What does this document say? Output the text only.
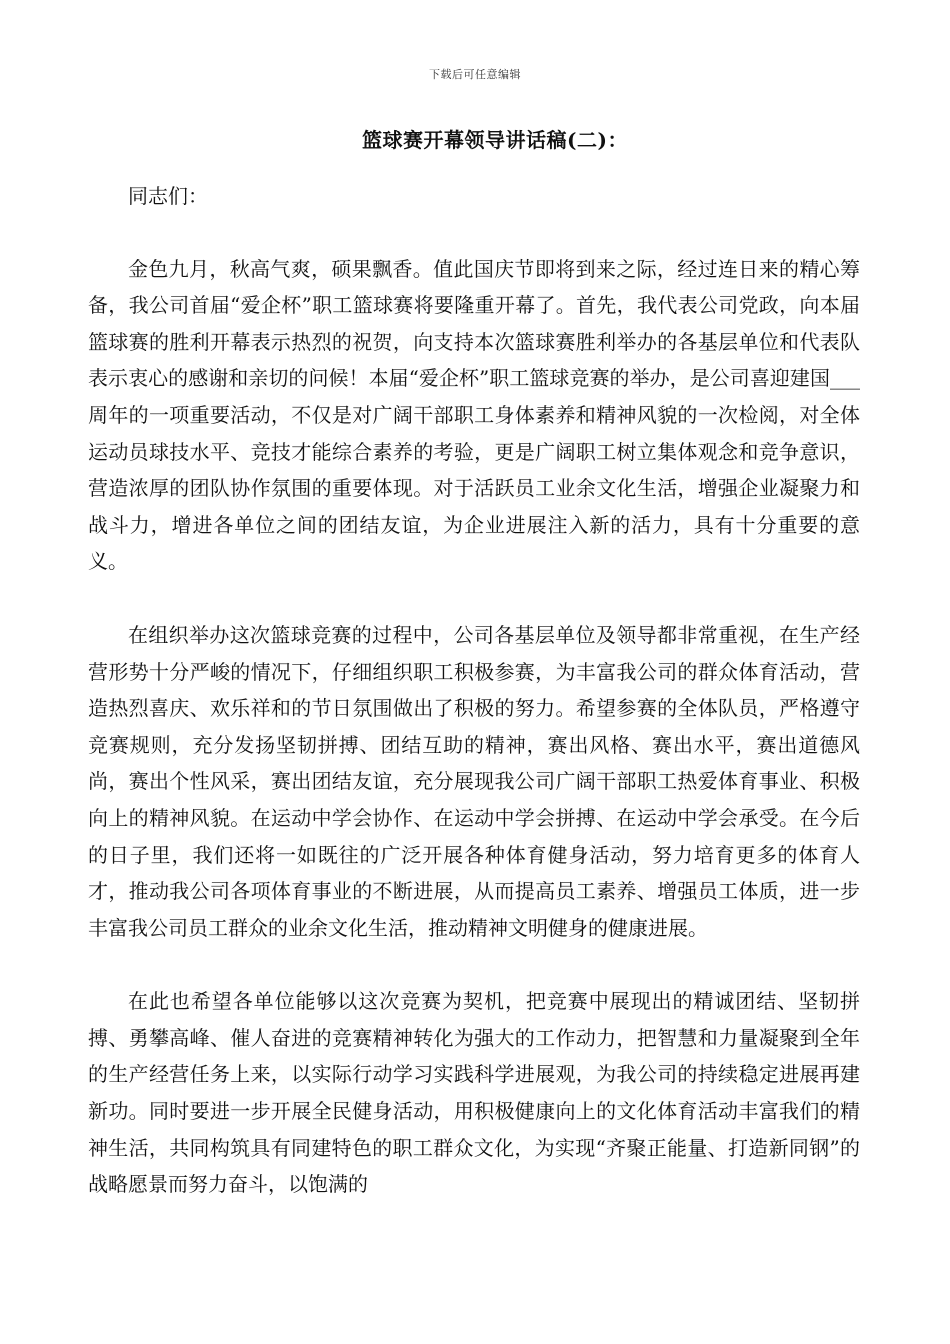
下载后可任意编辑
篮球赛开幕领导讲话稿(二)：

同志们：

金色九月，秋高气爽，硕果飘香。值此国庆节即将到来之际，经过连日来的精心筹备，我公司首届“爱企杯”职工篮球赛将要隆重开幕了。首先，我代表公司党政，向本届篮球赛的胜利开幕表示热烈的祝贺，向支持本次篮球赛胜利举办的各基层单位和代表队表示衷心的感谢和亲切的问候！本届“爱企杯”职工篮球竞赛的举办，是公司喜迎建国___周年的一项重要活动，不仅是对广阔干部职工身体素养和精神风貌的一次检阅，对全体运动员球技水平、竞技才能综合素养的考验，更是广阔职工树立集体观念和竞争意识，营造浓厚的团队协作氛围的重要体现。对于活跃员工业余文化生活，增强企业凝聚力和战斗力，增进各单位之间的团结友谊，为企业进展注入新的活力，具有十分重要的意义。

在组织举办这次篮球竞赛的过程中，公司各基层单位及领导都非常重视，在生产经营形势十分严峻的情况下，仔细组织职工积极参赛，为丰富我公司的群众体育活动，营造热烈喜庆、欢乐祥和的节日氛围做出了积极的努力。希望参赛的全体队员，严格遵守竞赛规则，充分发扬坚韧拼搏、团结互助的精神，赛出风格、赛出水平，赛出道德风尚，赛出个性风采，赛出团结友谊，充分展现我公司广阔干部职工热爱体育事业、积极向上的精神风貌。在运动中学会协作、在运动中学会拼搏、在运动中学会承受。在今后的日子里，我们还将一如既往的广泛开展各种体育健身活动，努力培育更多的体育人才，推动我公司各项体育事业的不断进展，从而提高员工素养、增强员工体质，进一步丰富我公司员工群众的业余文化生活，推动精神文明健身的健康进展。

在此也希望各单位能够以这次竞赛为契机，把竞赛中展现出的精诚团结、坚韧拼搏、勇攀高峰、催人奋进的竞赛精神转化为强大的工作动力，把智慧和力量凝聚到全年的生产经营任务上来，以实际行动学习实践科学进展观，为我公司的持续稳定进展再建新功。同时要进一步开展全民健身活动，用积极健康向上的文化体育活动丰富我们的精神生活，共同构筑具有同建特色的职工群众文化，为实现“齐聚正能量、打造新同钢”的战略愿景而努力奋斗，以饱满的
